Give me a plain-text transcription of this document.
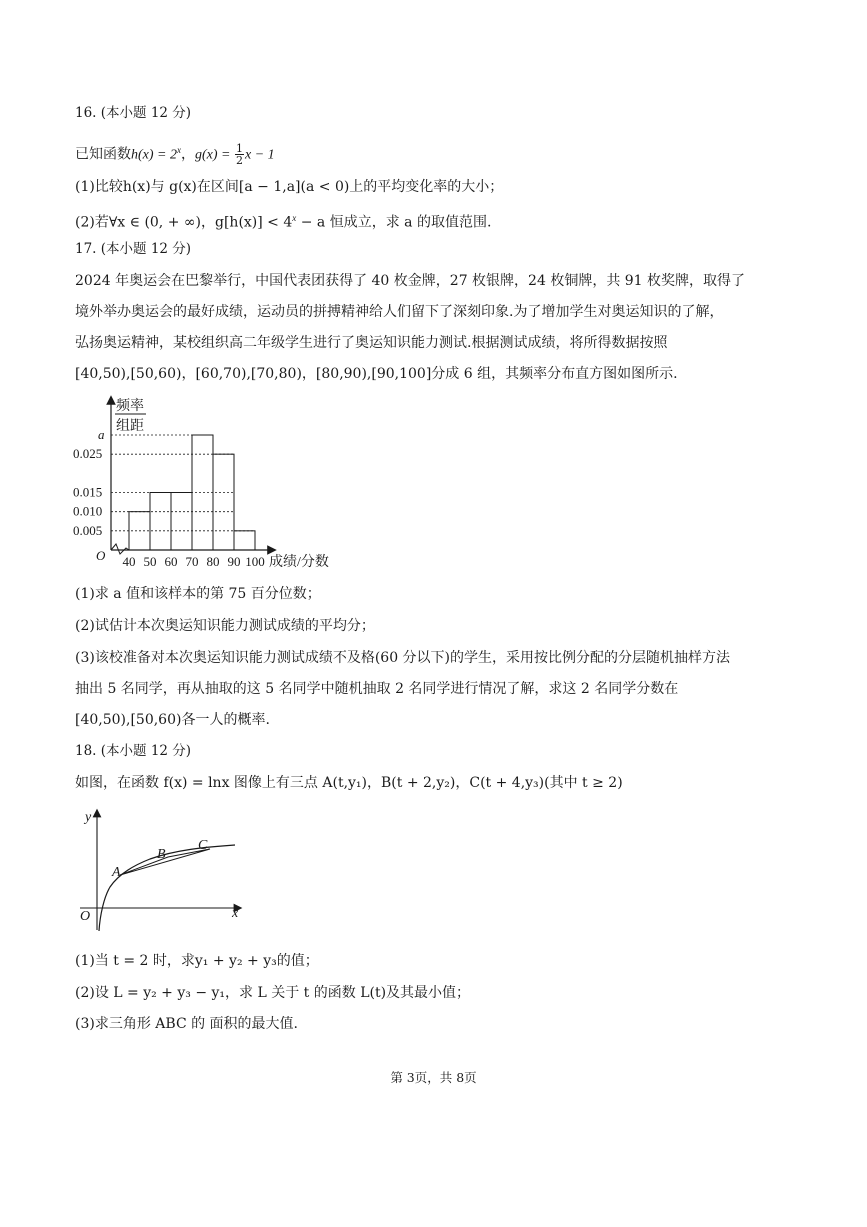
16. (本小题 12 分)
已知函数$h(x) = 2^x$，$g(x) = \frac{1}{2}$ x − 1
(1)比较h(x)与 g(x)在区间[a − 1,a](a < 0)上的平均变化率的大小；
(2)若∀x ∈ (0, + ∞)，$g[h(x)] < 4^x - a$ 恒成立，求 a 的取值范围.
17. (本小题 12 分)
2024 年奥运会在巴黎举行，中国代表团获得了 40 枚金牌，27 枚银牌，24 枚铜牌，共 91 枚奖牌，取得了
境外举办奥运会的最好成绩，运动员的拼搏精神给人们留下了深刻印象.为了增加学生对奥运知识的了解，
弘扬奥运精神，某校组织高二年级学生进行了奥运知识能力测试.根据测试成绩，将所得数据按照
[40,50),[50,60)，[60,70),[70,80)，[80,90),[90,100]分成 6 组，其频率分布直方图如图所示.
频率
组距
O	成绩/分数
0.005
0.010
0.015
0.025
a
40 50 60 70 80 90 100
(1)求 a 值和该样本的第 75 百分位数；
(2)试估计本次奥运知识能力测试成绩的平均分；
(3)该校准备对本次奥运知识能力测试成绩不及格(60 分以下)的学生，采用按比例分配的分层随机抽样方法
抽出 5 名同学，再从抽取的这 5 名同学中随机抽取 2 名同学进行情况了解，求这 2 名同学分数在
[40,50),[50,60)各一人的概率.
18. (本小题 12 分)
如图，在函数 f(x) = lnx 图像上有三点 A(t,y₁)，B(t + 2,y₂)，C(t + 4,y₃)(其中 t ≥ 2)
y
x
O
A
B
C
(1)当 t = 2 时，求y₁ + y₂ + y₃的值；
(2)设 L = y₂ + y₃ − y₁，求 L 关于 t 的函数 L(t)及其最小值；
(3)求三角形 ABC 的 面积的最大值.
第 3页，共 8页
